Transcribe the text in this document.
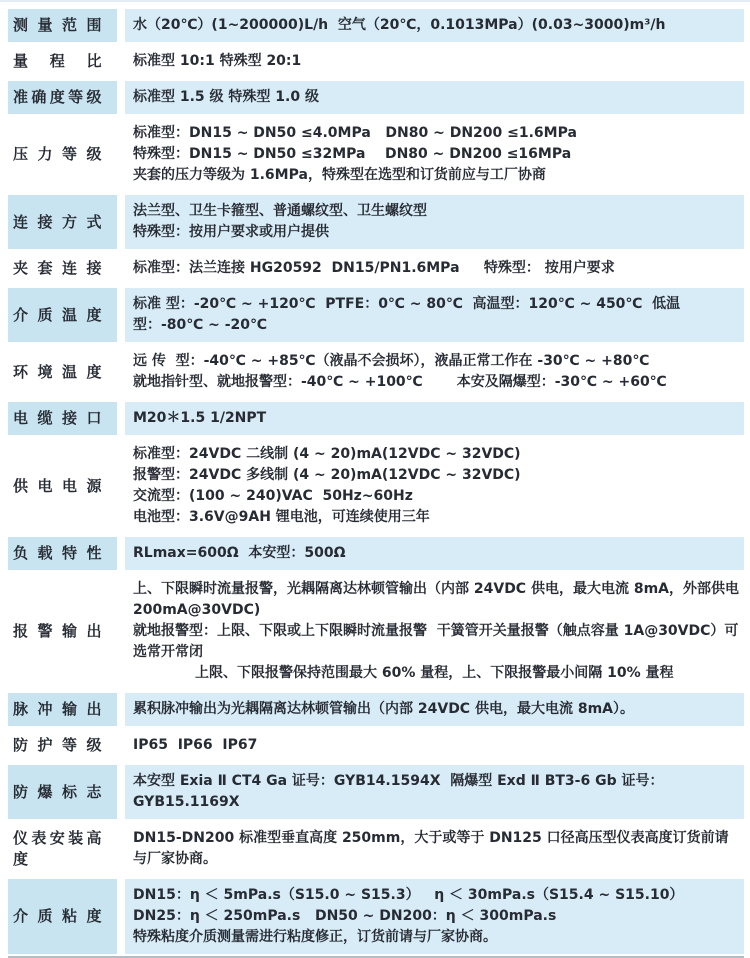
测量范围 水（20℃）(1~200000)L/h  空气（20℃，0.1013MPa）(0.03~3000)m³/h
量程比 标准型 10:1 特殊型 20:1
准确度等级 标准型 1.5 级 特殊型 1.0 级
压力等级
标准型：DN15 ~ DN50 ≤4.0MPa   DN80 ~ DN200 ≤1.6MPa
特殊型：DN15 ~ DN50 ≤32MPa    DN80 ~ DN200 ≤16MPa
夹套的压力等级为 1.6MPa，特殊型在选型和订货前应与工厂协商
连接方式
法兰型、卫生卡箍型、普通螺纹型、卫生螺纹型
特殊型：按用户要求或用户提供
夹套连接 标准型：法兰连接 HG20592  DN15/PN1.6MPa     特殊型： 按用户要求
介质温度
标准 型：-20℃ ~ +120℃  PTFE：0℃ ~ 80℃  高温型：120℃ ~ 450℃  低温型：-80℃ ~ -20℃
环境温度
远 传  型：-40℃ ~ +85℃（液晶不会损坏），液晶正常工作在 -30℃ ~ +80℃
就地指针型、就地报警型：-40℃ ~ +100℃       本安及隔爆型：-30℃ ~ +60℃
电缆接口 M20＊1.5 1/2NPT
供电电源
标准型：24VDC 二线制 (4 ~ 20)mA(12VDC ~ 32VDC)
报警型：24VDC 多线制 (4 ~ 20)mA(12VDC ~ 32VDC)
交流型：(100 ~ 240)VAC  50Hz~60Hz
电池型：3.6V@9AH 锂电池，可连续使用三年
负载特性 RLmax=600Ω  本安型：500Ω
报警输出
上、下限瞬时流量报警，光耦隔离达林顿管输出（内部 24VDC 供电，最大电流 8mA，外部供电 200mA@30VDC)
就地报警型：上限、下限或上下限瞬时流量报警  干簧管开关量报警（触点容量 1A@30VDC）可选常开常闭
上限、下限报警保持范围最大 60% 量程，上、下限报警最小间隔 10% 量程
脉冲输出 累积脉冲输出为光耦隔离达林顿管输出（内部 24VDC 供电，最大电流 8mA）。
防护等级 IP65  IP66  IP67
防爆标志
本安型 Exia Ⅱ CT4 Ga 证号：GYB14.1594X  隔爆型 Exd Ⅱ BT3-6 Gb 证号：GYB15.1169X
仪表安装高度
DN15-DN200 标准型垂直高度 250mm，大于或等于 DN125 口径高压型仪表高度订货前请与厂家协商。
介质粘度
DN15：η ＜ 5mPa.s（S15.0 ~ S15.3）   η ＜ 30mPa.s（S15.4 ~ S15.10）
DN25：η ＜ 250mPa.s   DN50 ~ DN200：η ＜ 300mPa.s
特殊粘度介质测量需进行粘度修正，订货前请与厂家协商。
